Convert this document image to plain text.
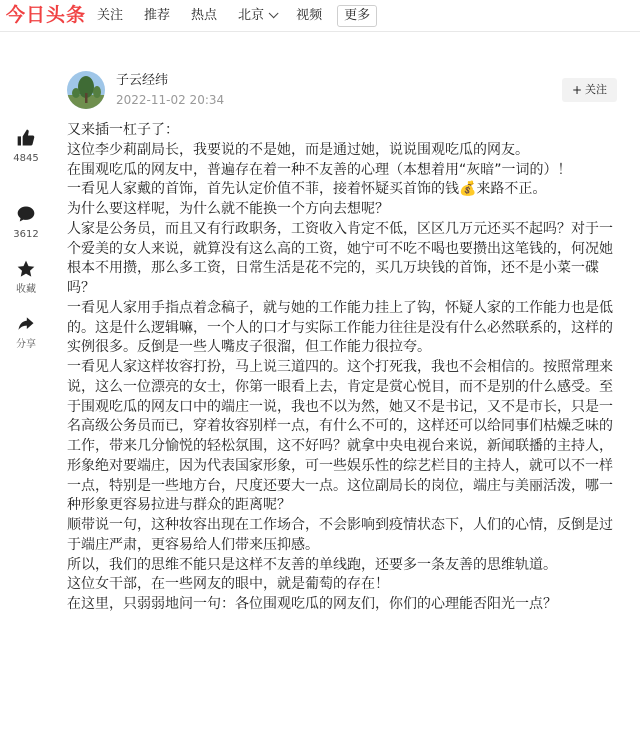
今日头条 关注 推荐 热点 北京 视频 更多
子云经纬
2022-11-02 20:34
+ 关注
4845
3612
收藏
分享

又来插一杠子了：

这位李少莉副局长，我要说的不是她，而是通过她，说说围观吃瓜的网友。

在围观吃瓜的网友中，普遍存在着一种不友善的心理（本想着用“灰暗”一词的）！

一看见人家戴的首饰，首先认定价值不菲，接着怀疑买首饰的钱💰来路不正。

为什么要这样呢，为什么就不能换一个方向去想呢？

人家是公务员，而且又有行政职务，工资收入肯定不低，区区几万元还买不起吗？对于一个爱美的女人来说，就算没有这么高的工资，她宁可不吃不喝也要攒出这笔钱的，何况她根本不用攒，那么多工资，日常生活是花不完的，买几万块钱的首饰，还不是小菜一碟吗？

一看见人家用手指点着念稿子，就与她的工作能力挂上了钩，怀疑人家的工作能力也是低的。这是什么逻辑嘛，一个人的口才与实际工作能力往往是没有什么必然联系的，这样的实例很多。反倒是一些人嘴皮子很溜，但工作能力很拉夸。

一看见人家这样妆容打扮，马上说三道四的。这个打死我，我也不会相信的。按照常理来说，这么一位漂亮的女士，你第一眼看上去，肯定是赏心悦目，而不是别的什么感受。至于围观吃瓜的网友口中的端庄一说，我也不以为然，她又不是书记，又不是市长，只是一名高级公务员而已，穿着妆容别样一点，有什么不可的，这样还可以给同事们枯燥乏味的工作，带来几分愉悦的轻松氛围，这不好吗？就拿中央电视台来说，新闻联播的主持人，形象绝对要端庄，因为代表国家形象，可一些娱乐性的综艺栏目的主持人，就可以不一样一点，特别是一些地方台，尺度还要大一点。这位副局长的岗位，端庄与美丽活泼，哪一种形象更容易拉进与群众的距离呢？

顺带说一句，这种妆容出现在工作场合，不会影响到疫情状态下，人们的心情，反倒是过于端庄严肃，更容易给人们带来压抑感。

所以，我们的思维不能只是这样不友善的单线跑，还要多一条友善的思维轨道。

这位女干部，在一些网友的眼中，就是葡萄的存在！

在这里，只弱弱地问一句：各位围观吃瓜的网友们，你们的心理能否阳光一点？
